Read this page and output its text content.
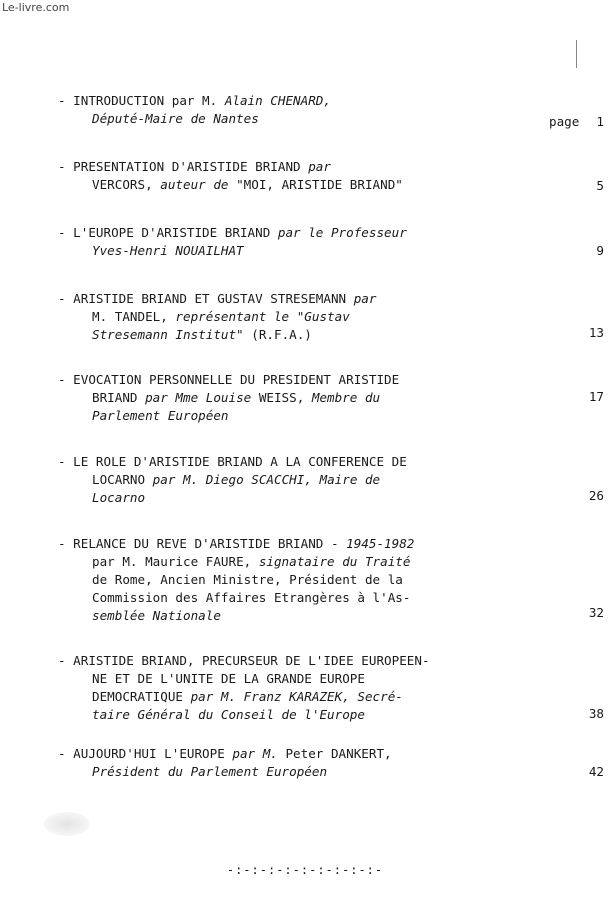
Le-livre.com
- INTRODUCTION par M. Alain CHENARD,
Député-Maire de Nantes	page 1
- PRESENTATION D'ARISTIDE BRIAND par
VERCORS, auteur de "MOI, ARISTIDE BRIAND"	5
- L'EUROPE D'ARISTIDE BRIAND par le Professeur
Yves-Henri NOUAILHAT	9
- ARISTIDE BRIAND ET GUSTAV STRESEMANN par
M. TANDEL, représentant le "Gustav
Stresemann Institut" (R.F.A.)	13
- EVOCATION PERSONNELLE DU PRESIDENT ARISTIDE
BRIAND par Mme Louise WEISS, Membre du
Parlement Européen
17
- LE ROLE D'ARISTIDE BRIAND A LA CONFERENCE DE
LOCARNO par M. Diego SCACCHI, Maire de
Locarno	26
- RELANCE DU REVE D'ARISTIDE BRIAND - 1945-1982
par M. Maurice FAURE, signataire du Traité
de Rome, Ancien Ministre, Président de la
Commission des Affaires Etrangères à l'As-
semblée Nationale	32
- ARISTIDE BRIAND, PRECURSEUR DE L'IDEE EUROPEEN-
NE ET DE L'UNITE DE LA GRANDE EUROPE
DEMOCRATIQUE par M. Franz KARAZEK, Secré-
taire Général du Conseil de l'Europe	38
- AUJOURD'HUI L'EUROPE par M. Peter DANKERT,
Président du Parlement Européen	42
-:-:-:-:-:-:-:-:-:-
